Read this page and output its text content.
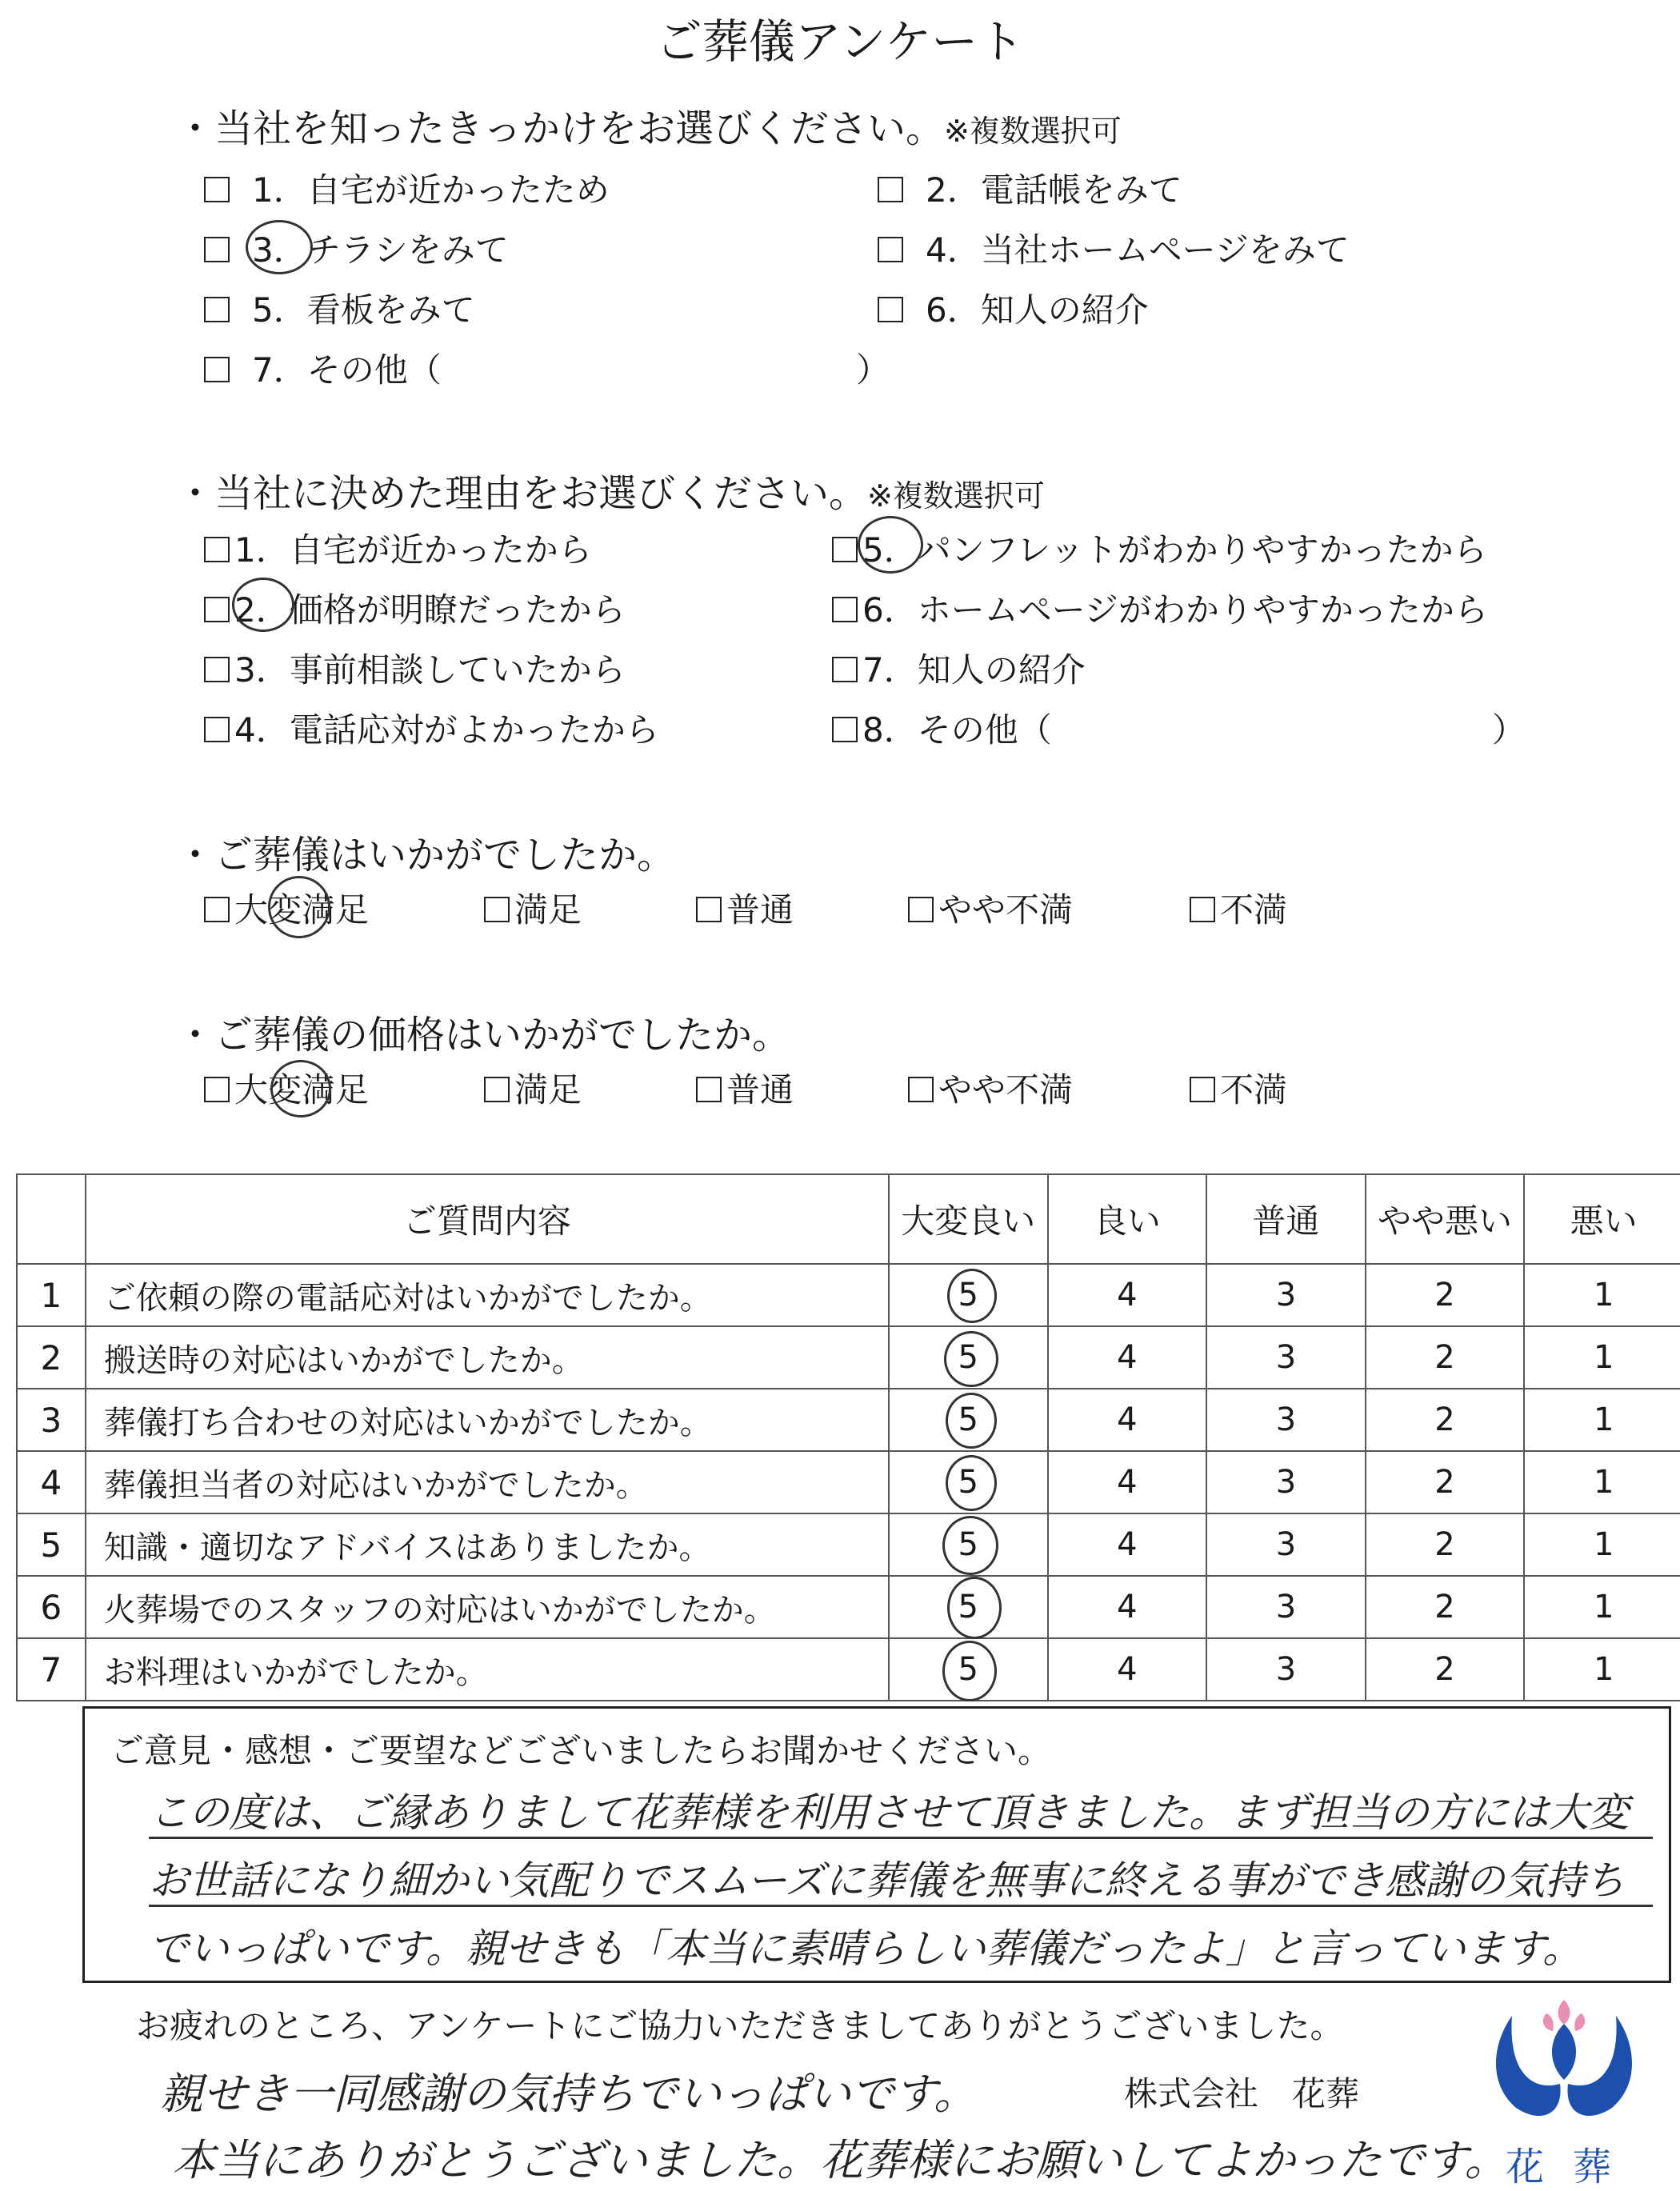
ご葬儀アンケート
・当社を知ったきっかけをお選びください。※複数選択可
1．自宅が近かったため	2．電話帳をみて
3．チラシをみて	4．当社ホームページをみて
5．看板をみて	6．知人の紹介
7．その他（	）
・当社に決めた理由をお選びください。※複数選択可
1．自宅が近かったから
2．価格が明瞭だったから
3．事前相談していたから
4．電話応対がよかったから
5．パンフレットがわかりやすかったから
6．ホームページがわかりやすかったから
7．知人の紹介
8．その他（	）
・ご葬儀はいかがでしたか。
大変満足	満足	普通	やや不満	不満
・ご葬儀の価格はいかがでしたか。
大変満足	満足	普通	やや不満	不満
	ご質問内容	大変良い	良い	普通	やや悪い	悪い
1	ご依頼の際の電話応対はいかがでしたか。	5	4	3	2	1
2	搬送時の対応はいかがでしたか。	5	4	3	2	1
3	葬儀打ち合わせの対応はいかがでしたか。	5	4	3	2	1
4	葬儀担当者の対応はいかがでしたか。	5	4	3	2	1
5	知識・適切なアドバイスはありましたか。	5	4	3	2	1
6	火葬場でのスタッフの対応はいかがでしたか。	5	4	3	2	1
7	お料理はいかがでしたか。	5	4	3	2	1
ご意見・感想・ご要望などございましたらお聞かせください。
この度は、ご縁ありまして花葬様を利用させて頂きました。まず担当の方には大変
お世話になり細かい気配りでスムーズに葬儀を無事に終える事ができ感謝の気持ち
でいっぱいです。親せきも「本当に素晴らしい葬儀だったよ」と言っています。
お疲れのところ、アンケートにご協力いただきましてありがとうございました。
親せき一同感謝の気持ちでいっぱいです。
本当にありがとうございました。花葬様にお願いしてよかったです。
株式会社　花葬
花葬
